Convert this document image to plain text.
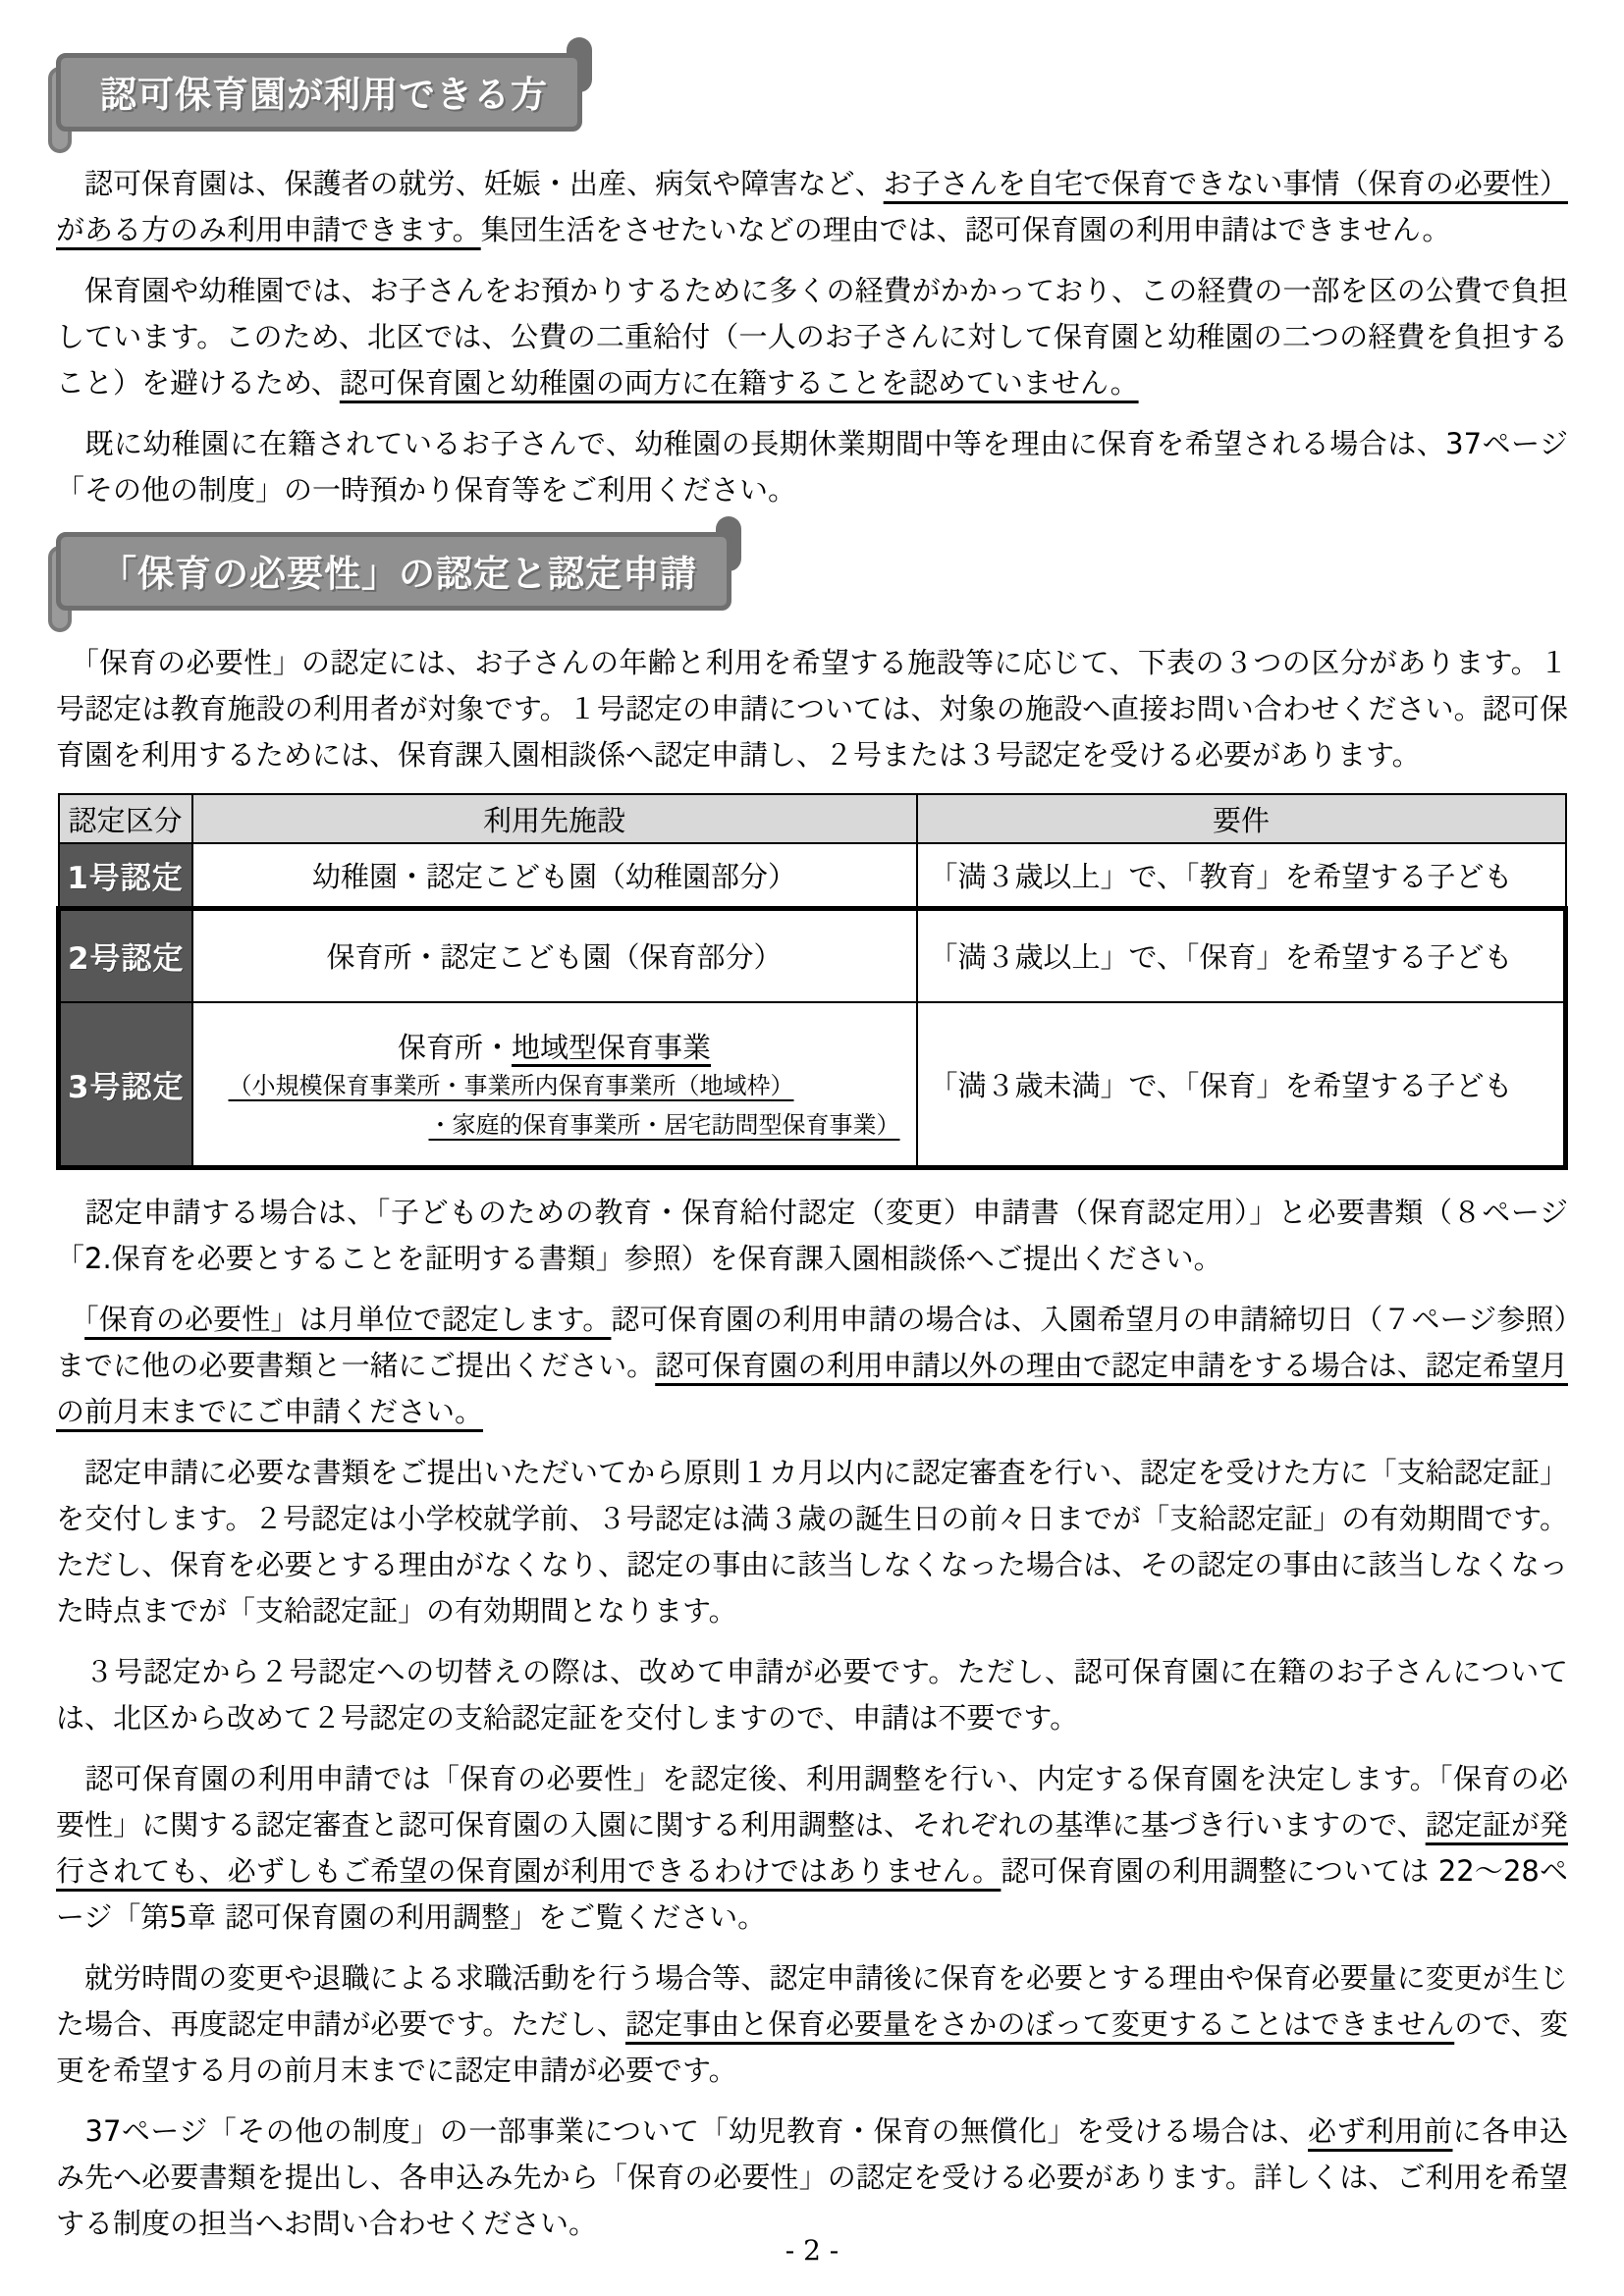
認可保育園が利用できる方

　認可保育園は、保護者の就労、妊娠・出産、病気や障害など、お子さんを自宅で保育できない事情（保育の必要性）がある方のみ利用申請できます。集団生活をさせたいなどの理由では、認可保育園の利用申請はできません。

　保育園や幼稚園では、お子さんをお預かりするために多くの経費がかかっており、この経費の一部を区の公費で負担しています。このため、北区では、公費の二重給付（一人のお子さんに対して保育園と幼稚園の二つの経費を負担すること）を避けるため、認可保育園と幼稚園の両方に在籍することを認めていません。

　既に幼稚園に在籍されているお子さんで、幼稚園の長期休業期間中等を理由に保育を希望される場合は、37ページ「その他の制度」の一時預かり保育等をご利用ください。

「保育の必要性」の認定と認定申請

　「保育の必要性」の認定には、お子さんの年齢と利用を希望する施設等に応じて、下表の３つの区分があります。１号認定は教育施設の利用者が対象です。１号認定の申請については、対象の施設へ直接お問い合わせください。認可保育園を利用するためには、保育課入園相談係へ認定申請し、２号または３号認定を受ける必要があります。

認定区分	利用先施設	要件
1号認定	幼稚園・認定こども園（幼稚園部分）	「満３歳以上」で、「教育」を希望する子ども
2号認定	保育所・認定こども園（保育部分）	「満３歳以上」で、「保育」を希望する子ども
3号認定	保育所・地域型保育事業
（小規模保育事業所・事業所内保育事業所（地域枠）
・家庭的保育事業所・居宅訪問型保育事業）	「満３歳未満」で、「保育」を希望する子ども

　認定申請する場合は、「子どものための教育・保育給付認定（変更）申請書（保育認定用）」と必要書類（８ページ「2.保育を必要とすることを証明する書類」参照）を保育課入園相談係へご提出ください。

　「保育の必要性」は月単位で認定します。認可保育園の利用申請の場合は、入園希望月の申請締切日（７ページ参照）までに他の必要書類と一緒にご提出ください。認可保育園の利用申請以外の理由で認定申請をする場合は、認定希望月の前月末までにご申請ください。

　認定申請に必要な書類をご提出いただいてから原則１カ月以内に認定審査を行い、認定を受けた方に「支給認定証」を交付します。２号認定は小学校就学前、３号認定は満３歳の誕生日の前々日までが「支給認定証」の有効期間です。ただし、保育を必要とする理由がなくなり、認定の事由に該当しなくなった場合は、その認定の事由に該当しなくなった時点までが「支給認定証」の有効期間となります。

　３号認定から２号認定への切替えの際は、改めて申請が必要です。ただし、認可保育園に在籍のお子さんについては、北区から改めて２号認定の支給認定証を交付しますので、申請は不要です。

　認可保育園の利用申請では「保育の必要性」を認定後、利用調整を行い、内定する保育園を決定します。「保育の必要性」に関する認定審査と認可保育園の入園に関する利用調整は、それぞれの基準に基づき行いますので、認定証が発行されても、必ずしもご希望の保育園が利用できるわけではありません。認可保育園の利用調整については 22～28ページ「第5章 認可保育園の利用調整」をご覧ください。

　就労時間の変更や退職による求職活動を行う場合等、認定申請後に保育を必要とする理由や保育必要量に変更が生じた場合、再度認定申請が必要です。ただし、認定事由と保育必要量をさかのぼって変更することはできませんので、変更を希望する月の前月末までに認定申請が必要です。

　37ページ「その他の制度」の一部事業について「幼児教育・保育の無償化」を受ける場合は、必ず利用前に各申込み先へ必要書類を提出し、各申込み先から「保育の必要性」の認定を受ける必要があります。詳しくは、ご利用を希望する制度の担当へお問い合わせください。

- 2 -
